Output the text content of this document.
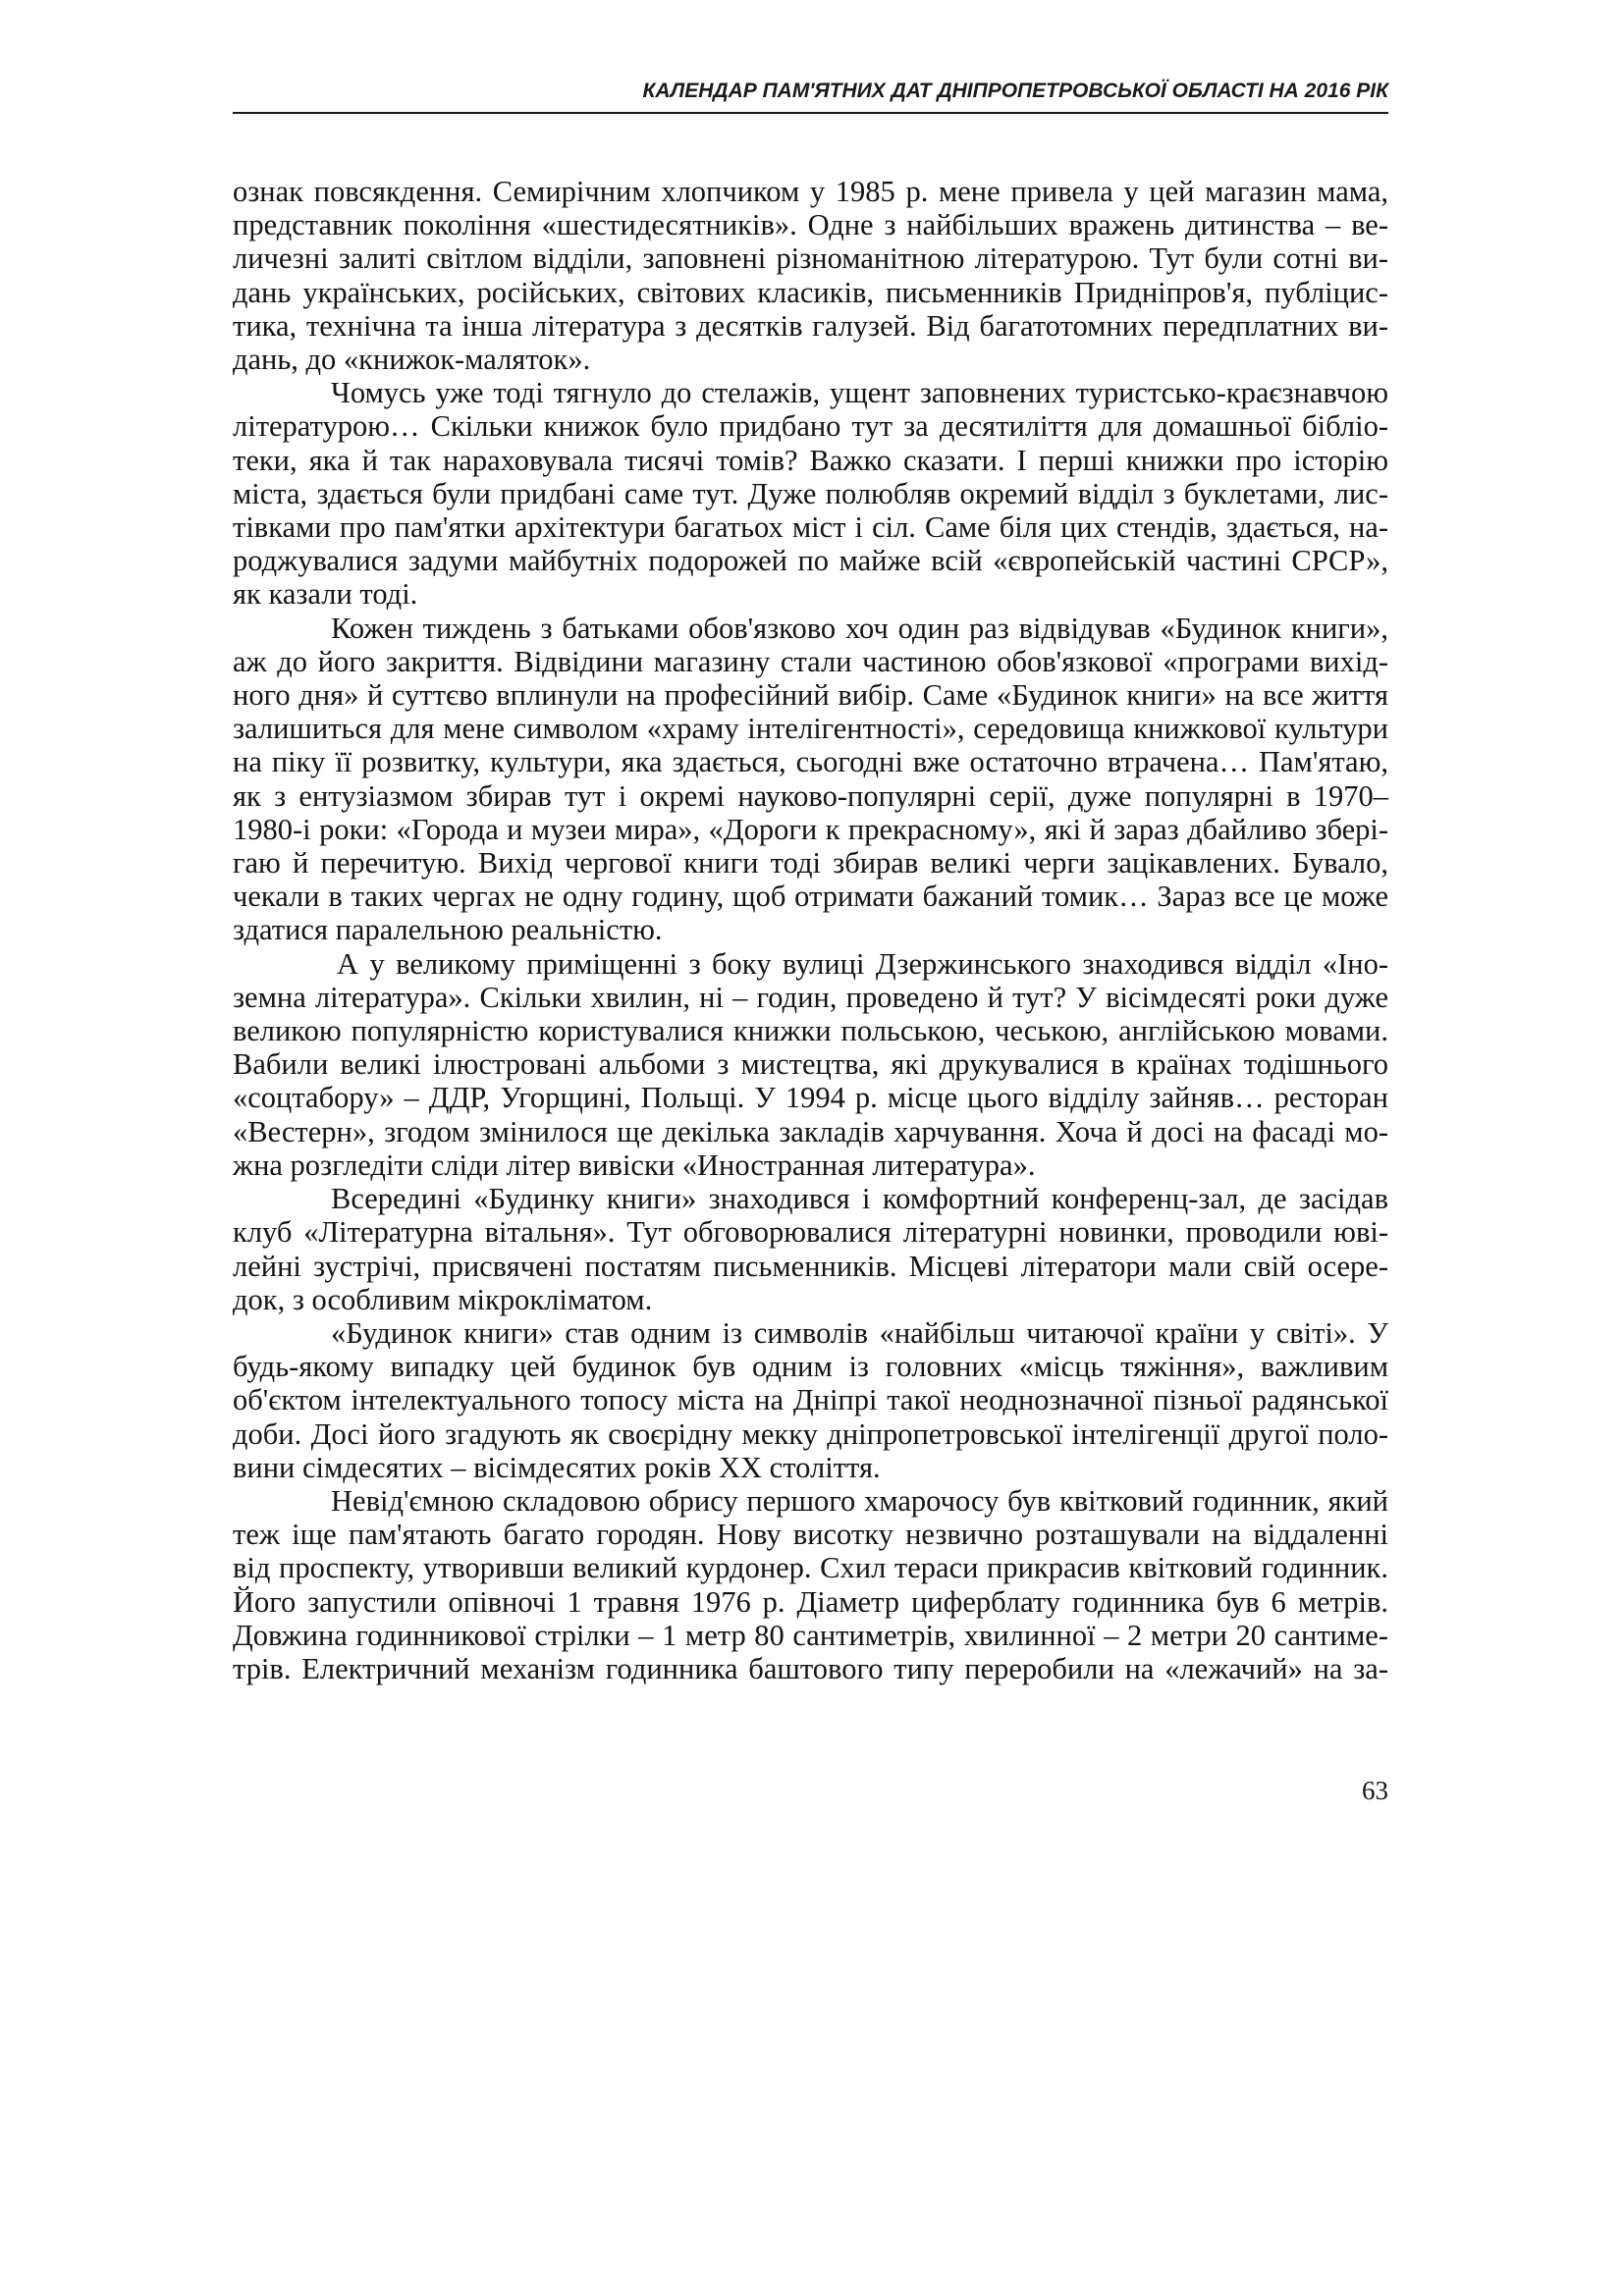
КАЛЕНДАР ПАМ'ЯТНИХ ДАТ ДНІПРОПЕТРОВСЬКОЇ ОБЛАСТІ НА 2016 РІК

ознак повсякдення. Семирічним хлопчиком у 1985 р. мене привела у цей магазин мама,
представник покоління «шестидесятників». Одне з найбільших вражень дитинства – ве-
личезні залиті світлом відділи, заповнені різноманітною літературою. Тут були сотні ви-
дань українських, російських, світових класиків, письменників Придніпров'я, публіцис-
тика, технічна та інша література з десятків галузей. Від багатотомних передплатних ви-
дань, до «книжок-маляток».

Чомусь уже тоді тягнуло до стелажів, ущент заповнених туристсько-краєзнавчою
літературою… Скільки книжок було придбано тут за десятиліття для домашньої бібліо-
теки, яка й так нараховувала тисячі томів? Важко сказати. І перші книжки про історію
міста, здається були придбані саме тут. Дуже полюбляв окремий відділ з буклетами, лис-
тівками про пам'ятки архітектури багатьох міст і сіл. Саме біля цих стендів, здається, на-
роджувалися задуми майбутніх подорожей по майже всій «європейській частині СРСР»,
як казали тоді.

Кожен тиждень з батьками обов'язково хоч один раз відвідував «Будинок книги»,
аж до його закриття. Відвідини магазину стали частиною обов'язкової «програми вихід-
ного дня» й суттєво вплинули на професійний вибір. Саме «Будинок книги» на все життя
залишиться для мене символом «храму інтелігентності», середовища книжкової культури
на піку її розвитку, культури, яка здається, сьогодні вже остаточно втрачена… Пам'ятаю,
як з ентузіазмом збирав тут і окремі науково-популярні серії, дуже популярні в 1970–
1980-і роки: «Города и музеи мира», «Дороги к прекрасному», які й зараз дбайливо зберi-
гаю й перечитую. Вихід чергової книги тоді збирав великі черги зацікавлених. Бувало,
чекали в таких чергах не одну годину, щоб отримати бажаний томик… Зараз все це може
здатися паралельною реальністю.

А у великому приміщенні з боку вулиці Дзержинського знаходився відділ «Іно-
земна література». Скільки хвилин, ні – годин, проведено й тут? У вісімдесяті роки дуже
великою популярністю користувалися книжки польською, чеською, англійською мовами.
Вабили великі ілюстровані альбоми з мистецтва, які друкувалися в країнах тодішнього
«соцтабору» – ДДР, Угорщині, Польщі. У 1994 р. місце цього відділу зайняв… ресторан
«Вестерн», згодом змінилося ще декілька закладів харчування. Хоча й досі на фасаді мо-
жна розгледіти сліди літер вивіски «Иностранная литература».

Всередині «Будинку книги» знаходився і комфортний конференц-зал, де засідав
клуб «Літературна вітальня». Тут обговорювалися літературні новинки, проводили юві-
лейні зустрічі, присвячені постатям письменників. Місцеві літератори мали свій осере-
док, з особливим мікрокліматом.

«Будинок книги» став одним із символів «найбільш читаючої країни у світі». У
будь-якому випадку цей будинок був одним із головних «місць тяжіння», важливим
об'єктом інтелектуального топосу міста на Дніпрі такої неоднозначної пізньої радянської
доби. Досі його згадують як своєрідну мекку дніпропетровської інтелігенції другої поло-
вини сімдесятих – вісімдесятих років XX століття.

Невід'ємною складовою обрису першого хмарочосу був квітковий годинник, який
теж іще пам'ятають багато городян. Нову висотку незвично розташували на віддаленні
від проспекту, утворивши великий курдонер. Схил тераси прикрасив квітковий годинник.
Його запустили опівночі 1 травня 1976 р. Діаметр циферблату годинника був 6 метрів.
Довжина годинникової стрілки – 1 метр 80 сантиметрів, хвилинної – 2 метри 20 сантиме-
трів. Електричний механізм годинника баштового типу переробили на «лежачий» на за-

63
